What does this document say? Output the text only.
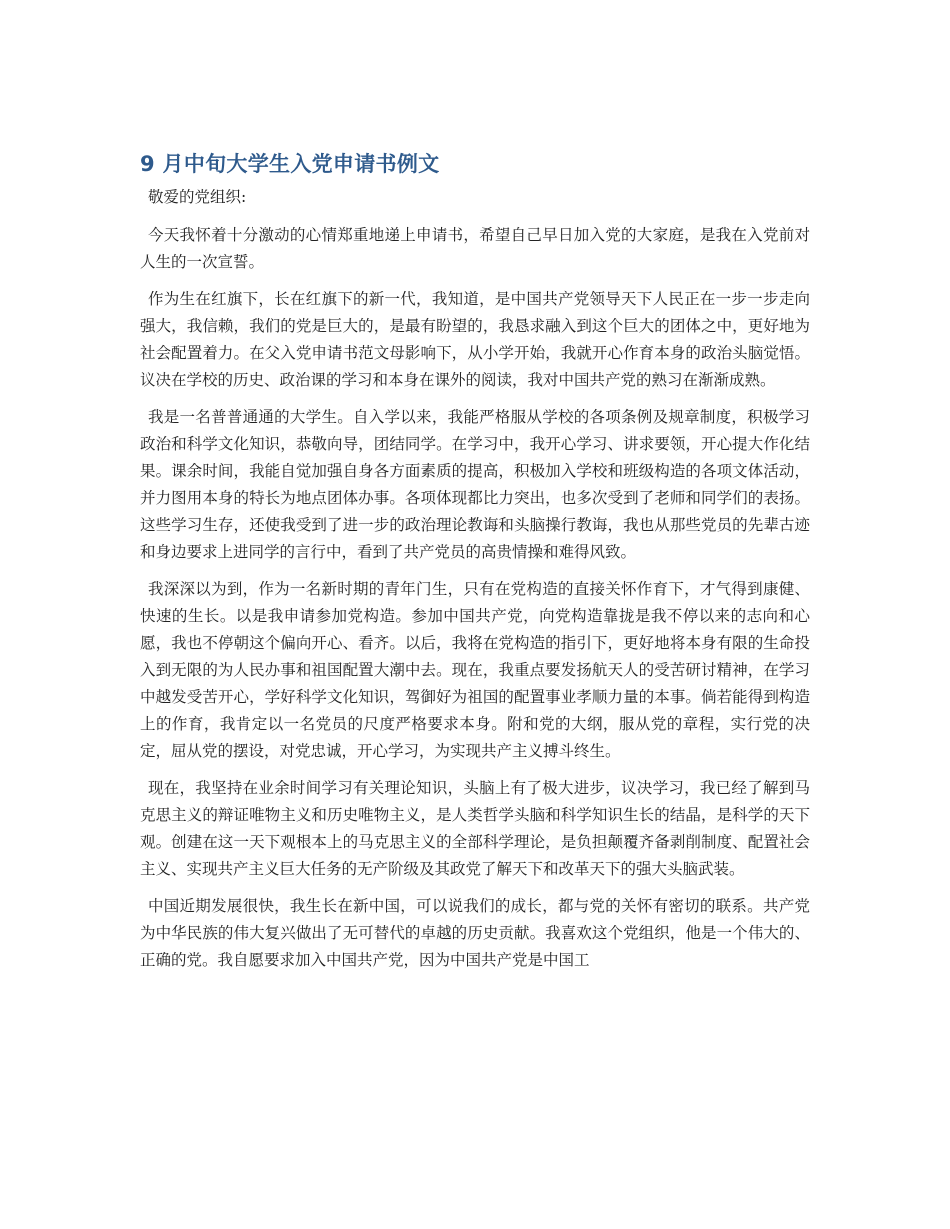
9 月中旬大学生入党申请书例文

敬爱的党组织:

今天我怀着十分激动的心情郑重地递上申请书，希望自己早日加入党的大家庭，是我在入党前对人生的一次宣誓。

作为生在红旗下，长在红旗下的新一代，我知道，是中国共产党领导天下人民正在一步一步走向强大，我信赖，我们的党是巨大的，是最有盼望的，我恳求融入到这个巨大的团体之中，更好地为社会配置着力。在父入党申请书范文母影响下，从小学开始，我就开心作育本身的政治头脑觉悟。议决在学校的历史、政治课的学习和本身在课外的阅读，我对中国共产党的熟习在渐渐成熟。

我是一名普普通通的大学生。自入学以来，我能严格服从学校的各项条例及规章制度，积极学习政治和科学文化知识，恭敬向导，团结同学。在学习中，我开心学习、讲求要领，开心提大作化结果。课余时间，我能自觉加强自身各方面素质的提高，积极加入学校和班级构造的各项文体活动，并力图用本身的特长为地点团体办事。各项体现都比力突出，也多次受到了老师和同学们的表扬。这些学习生存，还使我受到了进一步的政治理论教诲和头脑操行教诲，我也从那些党员的先辈古迹和身边要求上进同学的言行中，看到了共产党员的高贵情操和难得风致。

我深深以为到，作为一名新时期的青年门生，只有在党构造的直接关怀作育下，才气得到康健、快速的生长。以是我申请参加党构造。参加中国共产党，向党构造靠拢是我不停以来的志向和心愿，我也不停朝这个偏向开心、看齐。以后，我将在党构造的指引下，更好地将本身有限的生命投入到无限的为人民办事和祖国配置大潮中去。现在，我重点要发扬航天人的受苦研讨精神，在学习中越发受苦开心，学好科学文化知识，驾御好为祖国的配置事业孝顺力量的本事。倘若能得到构造上的作育，我肯定以一名党员的尺度严格要求本身。附和党的大纲，服从党的章程，实行党的决定，屈从党的摆设，对党忠诚，开心学习，为实现共产主义搏斗终生。

现在，我坚持在业余时间学习有关理论知识，头脑上有了极大进步，议决学习，我已经了解到马克思主义的辩证唯物主义和历史唯物主义，是人类哲学头脑和科学知识生长的结晶，是科学的天下观。创建在这一天下观根本上的马克思主义的全部科学理论，是负担颠覆齐备剥削制度、配置社会主义、实现共产主义巨大任务的无产阶级及其政党了解天下和改革天下的强大头脑武装。

中国近期发展很快，我生长在新中国，可以说我们的成长，都与党的关怀有密切的联系。共产党为中华民族的伟大复兴做出了无可替代的卓越的历史贡献。我喜欢这个党组织，他是一个伟大的、正确的党。我自愿要求加入中国共产党，因为中国共产党是中国工
